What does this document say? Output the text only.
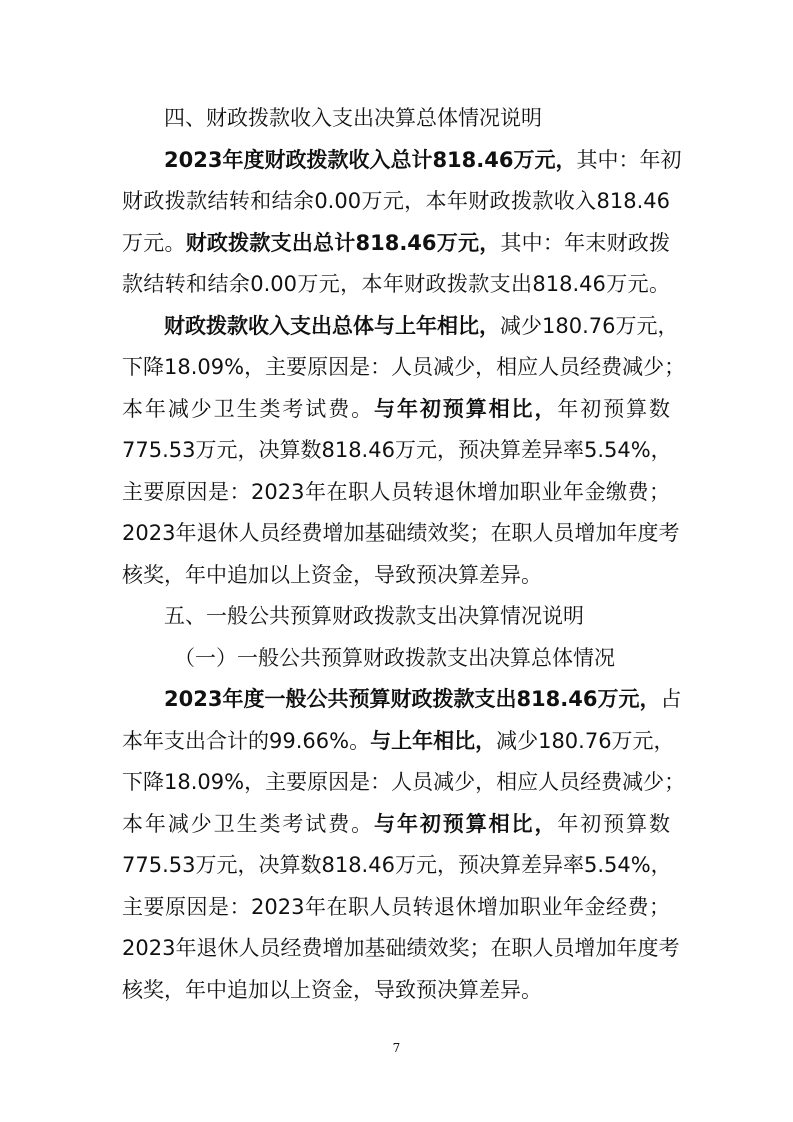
四、财政拨款收入支出决算总体情况说明
2023年度财政拨款收入总计818.46万元，其中：年初
财政拨款结转和结余0.00万元，本年财政拨款收入818.46
万元。财政拨款支出总计818.46万元，其中：年末财政拨
款结转和结余0.00万元，本年财政拨款支出818.46万元。
财政拨款收入支出总体与上年相比，减少180.76万元，
下降18.09%，主要原因是：人员减少，相应人员经费减少；
本年减少卫生类考试费。与年初预算相比，年初预算数
775.53万元，决算数818.46万元，预决算差异率5.54%，
主要原因是：2023年在职人员转退休增加职业年金缴费；
2023年退休人员经费增加基础绩效奖；在职人员增加年度考
核奖，年中追加以上资金，导致预决算差异。
五、一般公共预算财政拨款支出决算情况说明
（一）一般公共预算财政拨款支出决算总体情况
2023年度一般公共预算财政拨款支出818.46万元，占
本年支出合计的99.66%。与上年相比，减少180.76万元，
下降18.09%，主要原因是：人员减少，相应人员经费减少；
本年减少卫生类考试费。与年初预算相比，年初预算数
775.53万元，决算数818.46万元，预决算差异率5.54%，
主要原因是：2023年在职人员转退休增加职业年金经费；
2023年退休人员经费增加基础绩效奖；在职人员增加年度考
核奖，年中追加以上资金，导致预决算差异。
7
